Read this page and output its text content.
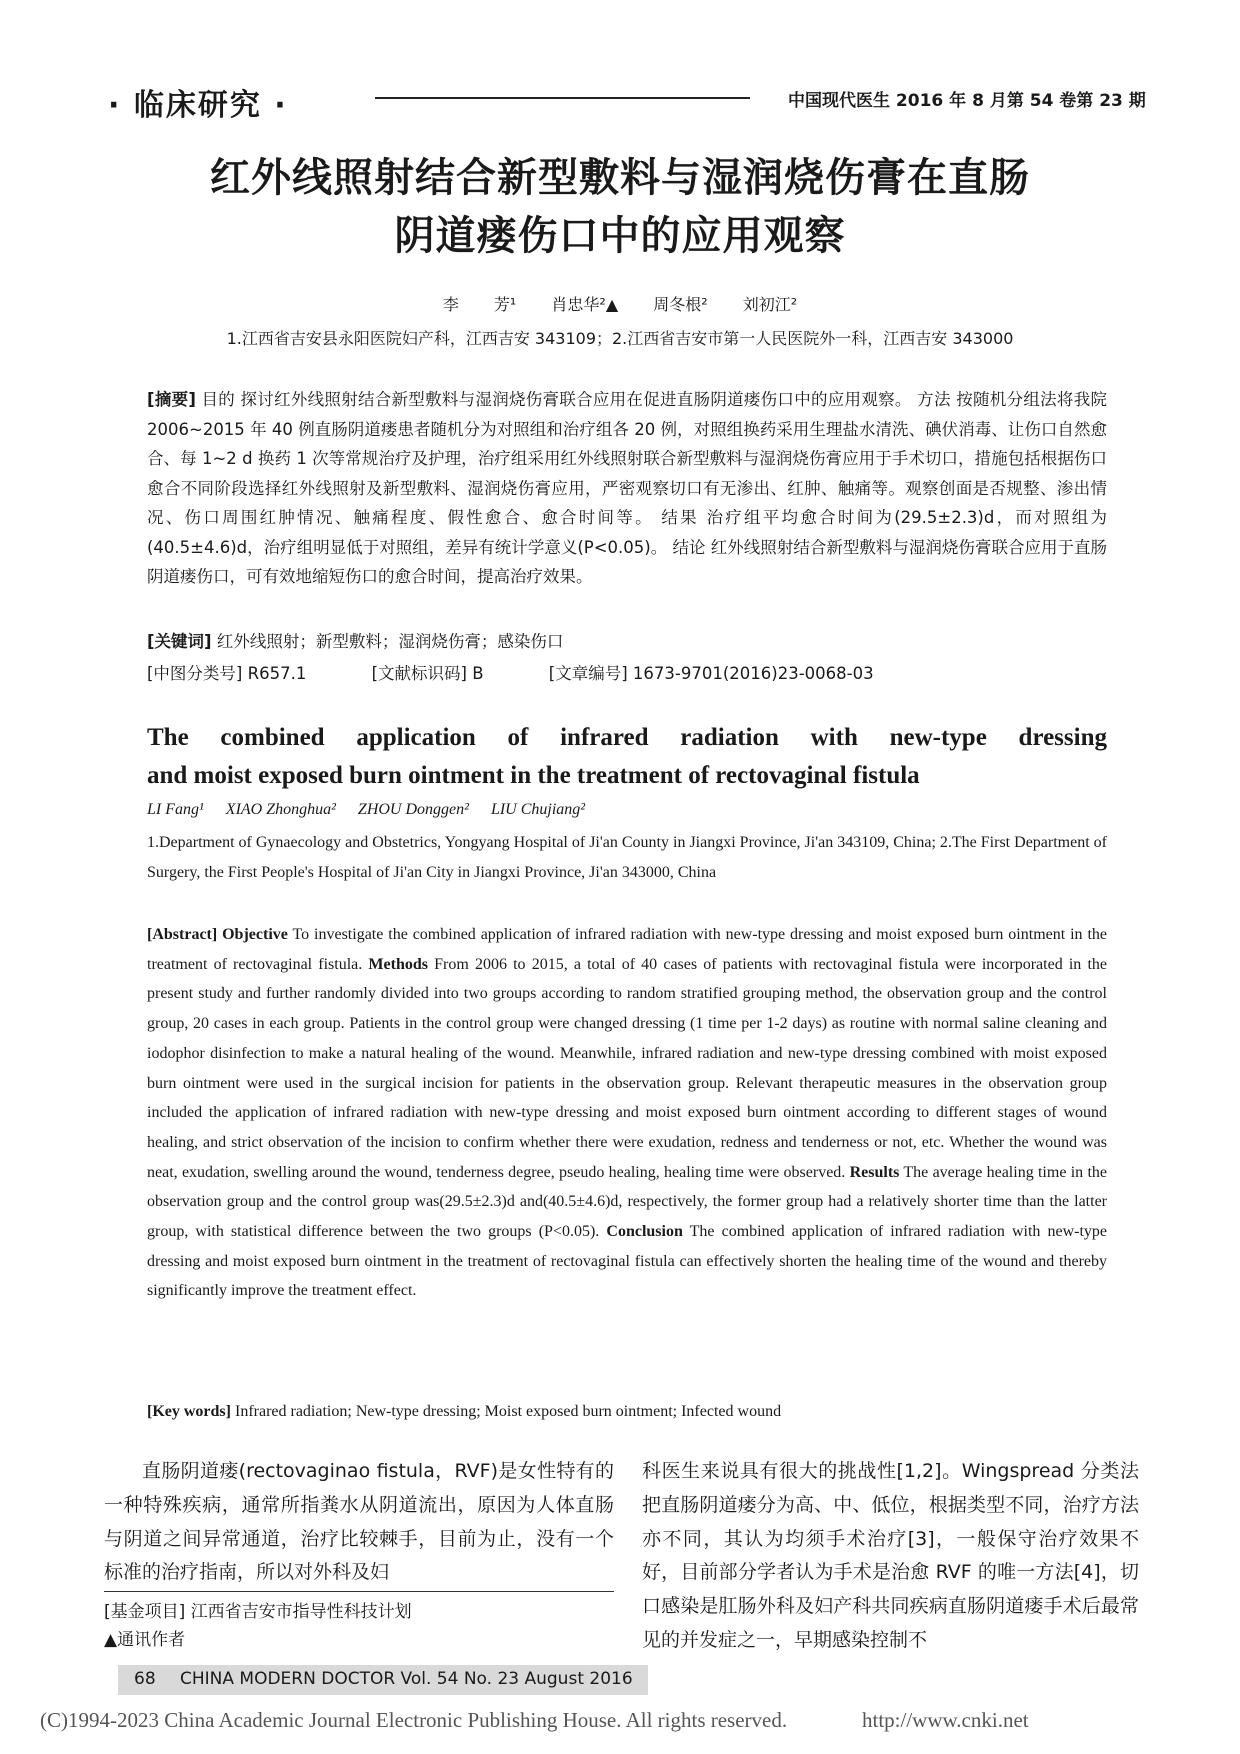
· 临床研究 ·	中国现代医生 2016 年 8 月第 54 卷第 23 期
红外线照射结合新型敷料与湿润烧伤膏在直肠
阴道瘘伤口中的应用观察
李 芳¹ 肖忠华²▲ 周冬根² 刘初江²
1.江西省吉安县永阳医院妇产科，江西吉安 343109；2.江西省吉安市第一人民医院外一科，江西吉安 343000
[摘要] 目的 探讨红外线照射结合新型敷料与湿润烧伤膏联合应用在促进直肠阴道瘘伤口中的应用观察。 方法 按随机分组法将我院 2006~2015 年 40 例直肠阴道瘘患者随机分为对照组和治疗组各 20 例，对照组换药采用生理盐水清洗、碘伏消毒、让伤口自然愈合、每 1~2 d 换药 1 次等常规治疗及护理，治疗组采用红外线照射联合新型敷料与湿润烧伤膏应用于手术切口，措施包括根据伤口愈合不同阶段选择红外线照射及新型敷料、湿润烧伤膏应用，严密观察切口有无渗出、红肿、触痛等。观察创面是否规整、渗出情况、伤口周围红肿情况、触痛程度、假性愈合、愈合时间等。 结果 治疗组平均愈合时间为(29.5±2.3)d，而对照组为(40.5±4.6)d，治疗组明显低于对照组，差异有统计学意义(P<0.05)。 结论 红外线照射结合新型敷料与湿润烧伤膏联合应用于直肠阴道瘘伤口，可有效地缩短伤口的愈合时间，提高治疗效果。
[关键词] 红外线照射；新型敷料；湿润烧伤膏；感染伤口
[中图分类号] R657.1	[文献标识码] B	[文章编号] 1673-9701(2016)23-0068-03
The combined application of infrared radiation with new-type dressing
and moist exposed burn ointment in the treatment of rectovaginal fistula
LI Fang¹ XIAO Zhonghua² ZHOU Donggen² LIU Chujiang²
1.Department of Gynaecology and Obstetrics, Yongyang Hospital of Ji'an County in Jiangxi Province, Ji'an 343109, China; 2.The First Department of Surgery, the First People's Hospital of Ji'an City in Jiangxi Province, Ji'an 343000, China
[Abstract] Objective To investigate the combined application of infrared radiation with new-type dressing and moist exposed burn ointment in the treatment of rectovaginal fistula. Methods From 2006 to 2015, a total of 40 cases of patients with rectovaginal fistula were incorporated in the present study and further randomly divided into two groups according to random stratified grouping method, the observation group and the control group, 20 cases in each group. Patients in the control group were changed dressing (1 time per 1-2 days) as routine with normal saline cleaning and iodophor disinfection to make a natural healing of the wound. Meanwhile, infrared radiation and new-type dressing combined with moist exposed burn ointment were used in the surgical incision for patients in the observation group. Relevant therapeutic measures in the observation group included the application of infrared radiation with new-type dressing and moist exposed burn ointment according to different stages of wound healing, and strict observation of the incision to confirm whether there were exudation, redness and tenderness or not, etc. Whether the wound was neat, exudation, swelling around the wound, tenderness degree, pseudo healing, healing time were observed. Results The average healing time in the observation group and the control group was(29.5±2.3)d and(40.5±4.6)d, respectively, the former group had a relatively shorter time than the latter group, with statistical difference between the two groups (P<0.05). Conclusion The combined application of infrared radiation with new-type dressing and moist exposed burn ointment in the treatment of rectovaginal fistula can effectively shorten the healing time of the wound and thereby significantly improve the treatment effect.
[Key words] Infrared radiation; New-type dressing; Moist exposed burn ointment; Infected wound
直肠阴道瘘(rectovaginao fistula，RVF)是女性特有的一种特殊疾病，通常所指粪水从阴道流出，原因为人体直肠与阴道之间异常通道，治疗比较棘手，目前为止，没有一个标准的治疗指南，所以对外科及妇
科医生来说具有很大的挑战性[1,2]。Wingspread 分类法把直肠阴道瘘分为高、中、低位，根据类型不同，治疗方法亦不同，其认为均须手术治疗[3]，一般保守治疗效果不好，目前部分学者认为手术是治愈 RVF 的唯一方法[4]，切口感染是肛肠外科及妇产科共同疾病直肠阴道瘘手术后最常见的并发症之一，早期感染控制不
[基金项目] 江西省吉安市指导性科技计划
▲通讯作者
68 CHINA MODERN DOCTOR Vol. 54 No. 23 August 2016
(C)1994-2023 China Academic Journal Electronic Publishing House. All rights reserved.	http://www.cnki.net
